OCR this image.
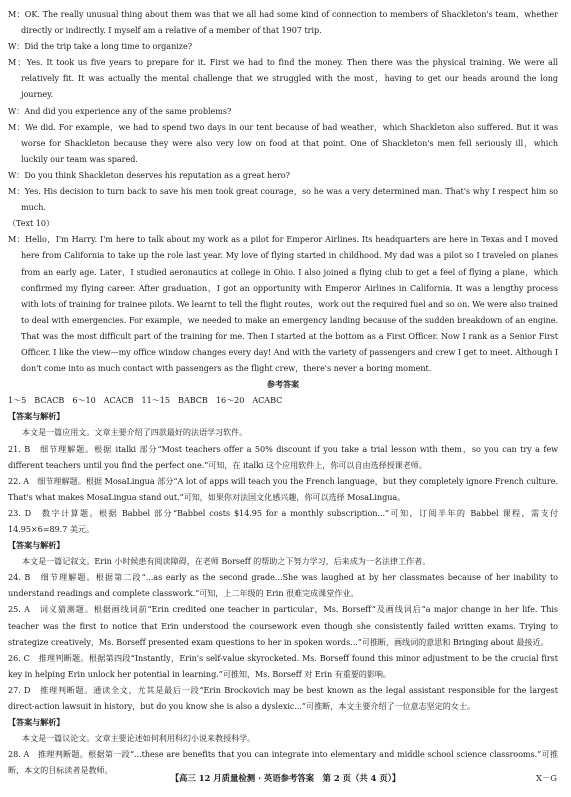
M：OK. The really unusual thing about them was that we all had some kind of connection to members of Shackleton's team，whether directly or indirectly. I myself am a relative of a member of that 1907 trip.

W：Did the trip take a long time to organize?

M：Yes. It took us five years to prepare for it. First we had to find the money. Then there was the physical training. We were all relatively fit. It was actually the mental challenge that we struggled with the most，having to get our heads around the long journey.

W：And did you experience any of the same problems?

M：We did. For example，we had to spend two days in our tent because of bad weather，which Shackleton also suffered. But it was worse for Shackleton because they were also very low on food at that point. One of Shackleton's men fell seriously ill，which luckily our team was spared.

W：Do you think Shackleton deserves his reputation as a great hero?

M：Yes. His decision to turn back to save his men took great courage，so he was a very determined man. That's why I respect him so much.

（Text 10）

M：Hello，I'm Harry. I'm here to talk about my work as a pilot for Emperor Airlines. Its headquarters are here in Texas and I moved here from California to take up the role last year. My love of flying started in childhood. My dad was a pilot so I traveled on planes from an early age. Later，I studied aeronautics at college in Ohio. I also joined a flying club to get a feel of flying a plane，which confirmed my flying career. After graduation，I got an opportunity with Emperor Airlines in California. It was a lengthy process with lots of training for trainee pilots. We learnt to tell the flight routes，work out the required fuel and so on. We were also trained to deal with emergencies. For example，we needed to make an emergency landing because of the sudden breakdown of an engine. That was the most difficult part of the training for me. Then I started at the bottom as a First Officer. Now I rank as a Senior First Officer. I like the view—my office window changes every day! And with the variety of passengers and crew I get to meet. Although I don't come into as much contact with passengers as the flight crew，there's never a boring moment.

参考答案

1～5　BCACB　6～10　ACACB　11～15　BABCB　16～20　ACABC

【答案与解析】

本文是一篇应用文。文章主要介绍了四款最好的法语学习软件。

21. B　细节理解题。根据 italki 部分“Most teachers offer a 50% discount if you take a trial lesson with them，so you can try a few different teachers until you find the perfect one.”可知，在 italki 这个应用软件上，你可以自由选择授课老师。

22. A　细节理解题。根据 MosaLingua 部分“A lot of apps will teach you the French language，but they completely ignore French culture. That's what makes MosaLingua stand out.”可知，如果你对法国文化感兴趣，你可以选择 MosaLingua。

23. D　数字计算题。根据 Babbel 部分“Babbel costs $14.95 for a monthly subscription...”可知，订阅半年的 Babbel 课程，需支付 14.95×6=89.7 美元。

【答案与解析】

本文是一篇记叙文。Erin 小时候患有阅读障碍，在老师 Borseff 的帮助之下努力学习，后来成为一名法律工作者。

24. B　细节理解题。根据第二段“...as early as the second grade...She was laughed at by her classmates because of her inability to understand readings and complete classwork.”可知，上二年级的 Erin 很难完成课堂作业。

25. A　词义猜测题。根据画线词前“Erin credited one teacher in particular，Ms. Borseff”及画线词后“a major change in her life. This teacher was the first to notice that Erin understood the coursework even though she consistently failed written exams. Trying to strategize creatively，Ms. Borseff presented exam questions to her in spoken words...”可推断，画线词的意思和 Bringing about 最接近。

26. C　推理判断题。根据第四段“Instantly，Erin's self-value skyrocketed. Ms. Borseff found this minor adjustment to be the crucial first key in helping Erin unlock her potential in learning.”可推知，Ms. Borseff 对 Erin 有重要的影响。

27. D　推理判断题。通读全文，尤其是最后一段“Erin Brockovich may be best known as the legal assistant responsible for the largest direct-action lawsuit in history，but do you know she is also a dyslexic...”可推断，本文主要介绍了一位意志坚定的女士。

【答案与解析】

本文是一篇议论文。文章主要论述如何利用科幻小说来教授科学。

28. A　推理判断题。根据第一段“...these are benefits that you can integrate into elementary and middle school science classrooms.”可推断，本文的目标读者是教师。

【高三 12 月质量检测 · 英语参考答案　第 2 页（共 4 页）】	X－G
